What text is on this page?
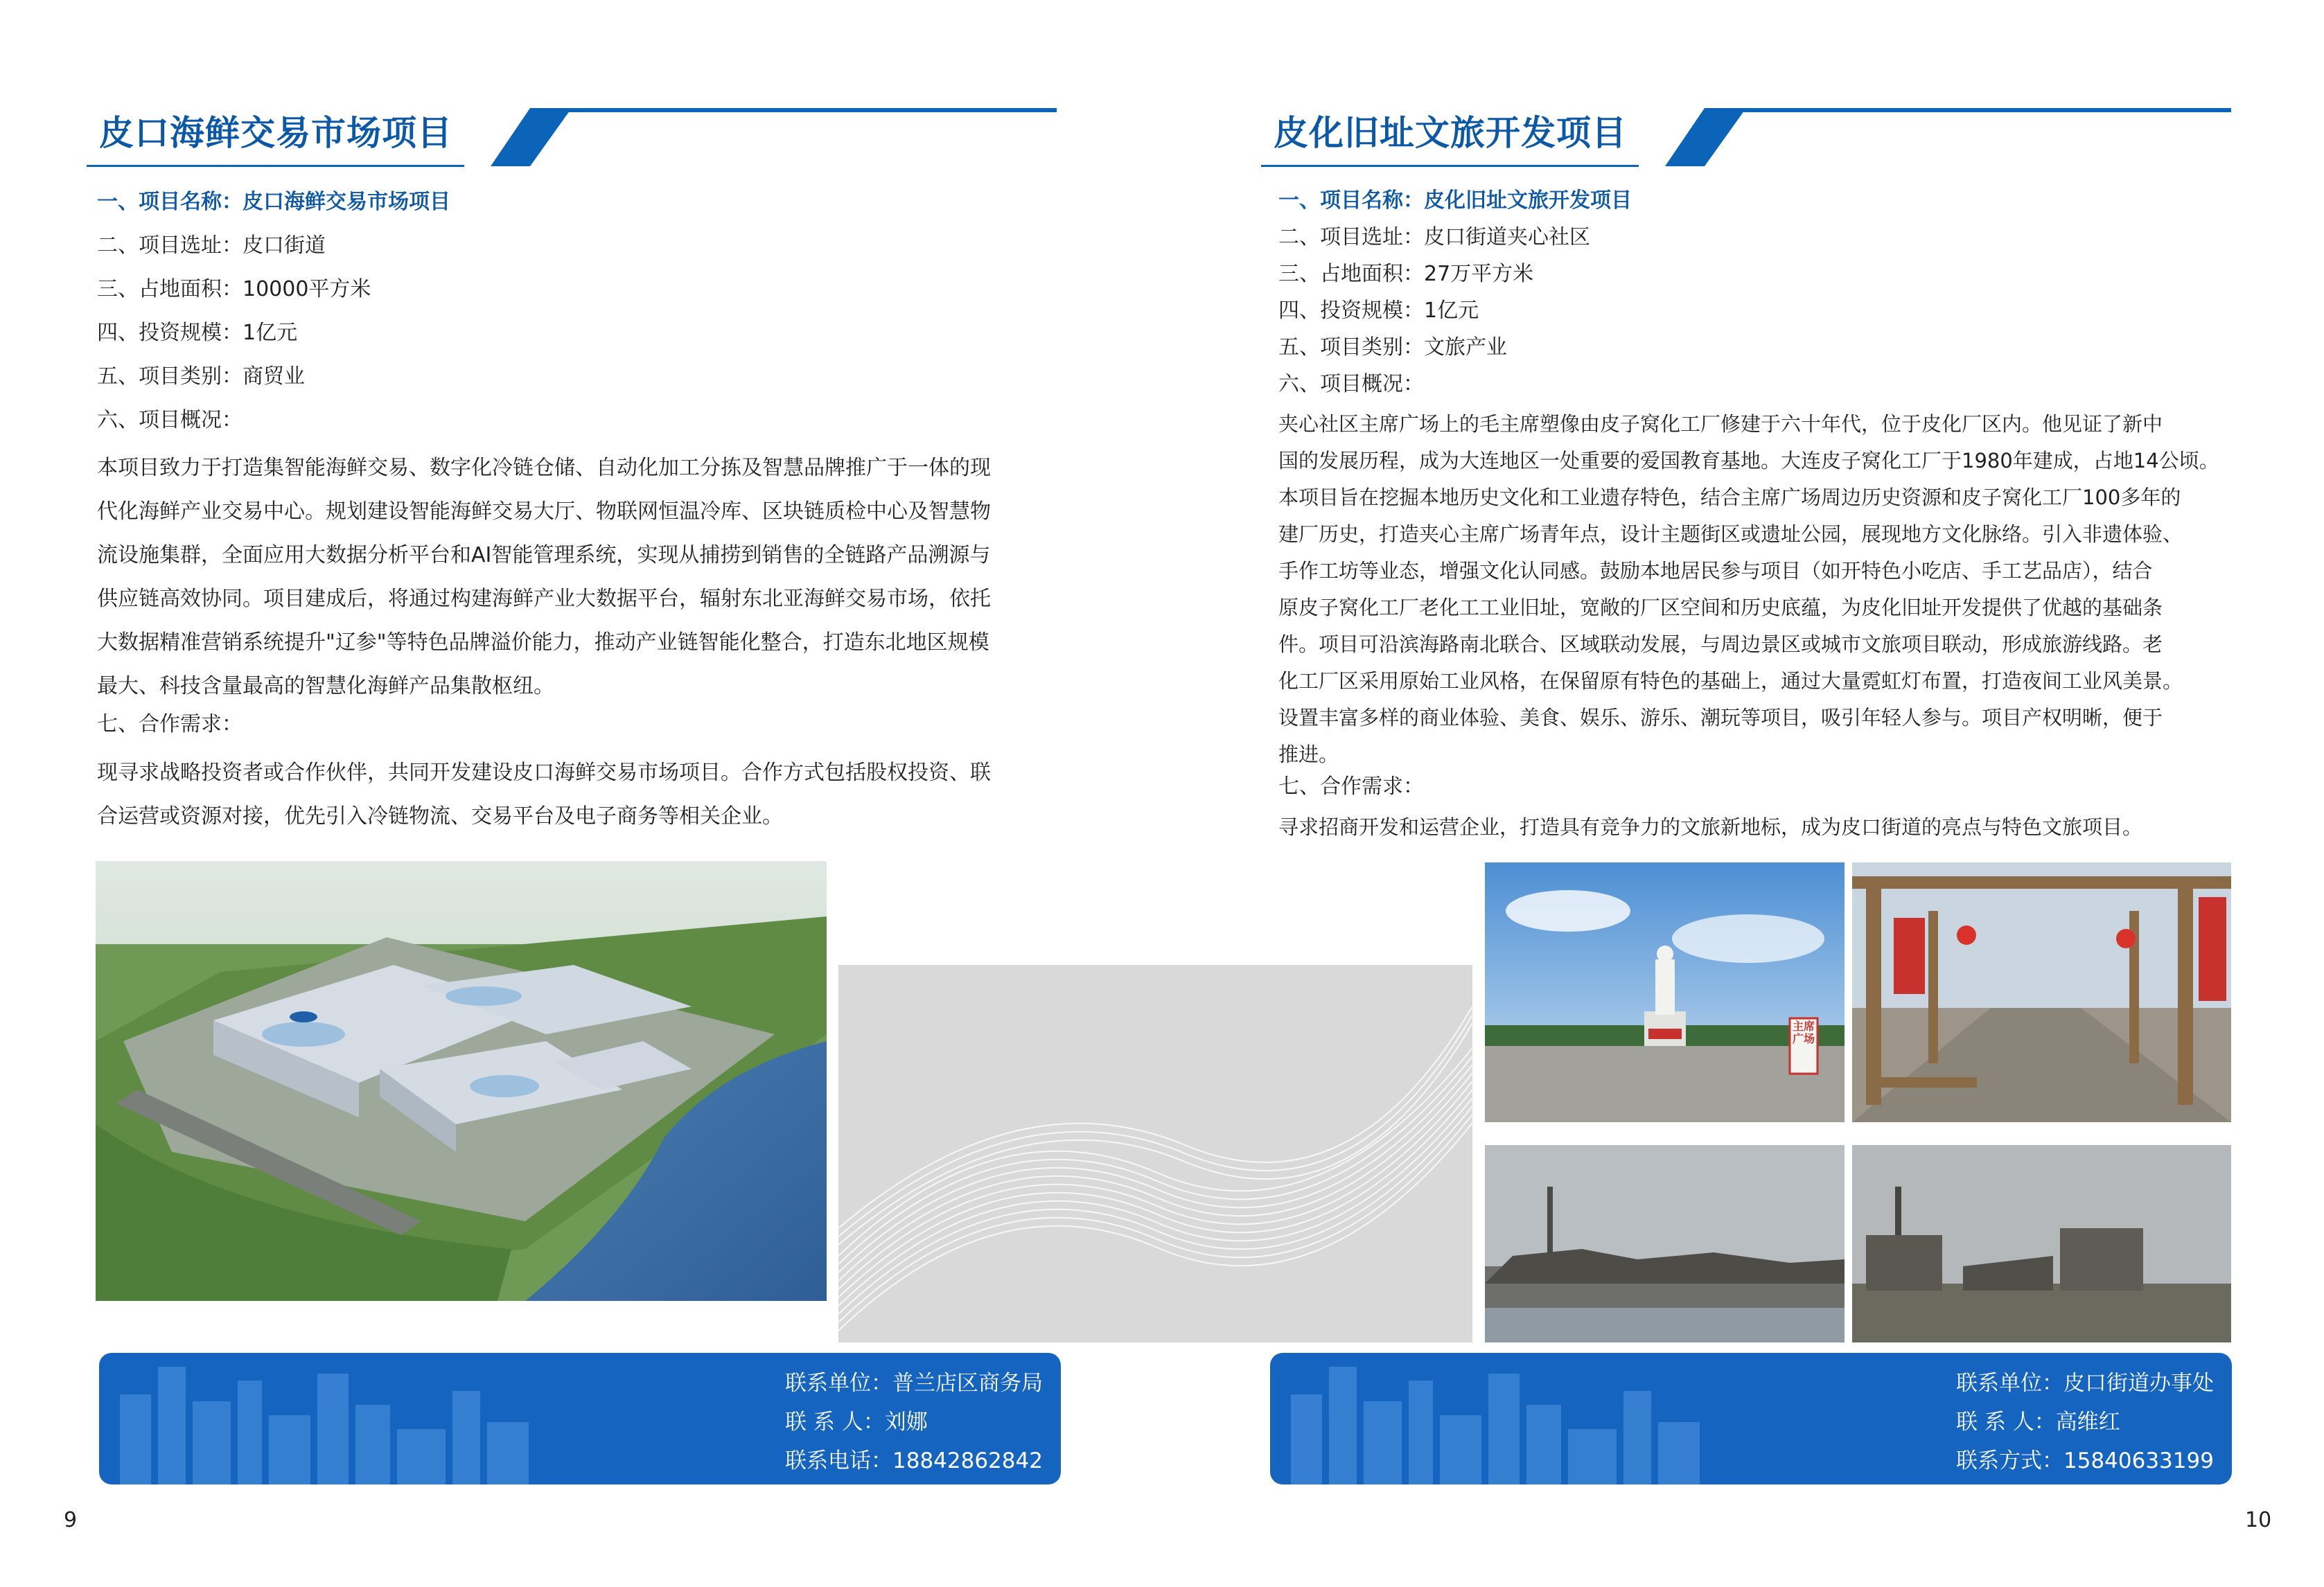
皮口海鲜交易市场项目
一、项目名称：皮口海鲜交易市场项目
二、项目选址：皮口街道
三、占地面积：10000平方米
四、投资规模：1亿元
五、项目类别：商贸业
六、项目概况：
本项目致力于打造集智能海鲜交易、数字化冷链仓储、自动化加工分拣及智慧品牌推广于一体的现
代化海鲜产业交易中心。规划建设智能海鲜交易大厅、物联网恒温冷库、区块链质检中心及智慧物
流设施集群，全面应用大数据分析平台和AI智能管理系统，实现从捕捞到销售的全链路产品溯源与
供应链高效协同。项目建成后，将通过构建海鲜产业大数据平台，辐射东北亚海鲜交易市场，依托
大数据精准营销系统提升"辽参"等特色品牌溢价能力，推动产业链智能化整合，打造东北地区规模
最大、科技含量最高的智慧化海鲜产品集散枢纽。
七、合作需求：
现寻求战略投资者或合作伙伴，共同开发建设皮口海鲜交易市场项目。合作方式包括股权投资、联
合运营或资源对接，优先引入冷链物流、交易平台及电子商务等相关企业。
联系单位：普兰店区商务局
联 系 人：刘娜
联系电话：18842862842
9
皮化旧址文旅开发项目
一、项目名称：皮化旧址文旅开发项目
二、项目选址：皮口街道夹心社区
三、占地面积：27万平方米
四、投资规模：1亿元
五、项目类别：文旅产业
六、项目概况：
夹心社区主席广场上的毛主席塑像由皮子窝化工厂修建于六十年代，位于皮化厂区内。他见证了新中
国的发展历程，成为大连地区一处重要的爱国教育基地。大连皮子窝化工厂于1980年建成，占地14公顷。
本项目旨在挖掘本地历史文化和工业遗存特色，结合主席广场周边历史资源和皮子窝化工厂100多年的
建厂历史，打造夹心主席广场青年点，设计主题街区或遗址公园，展现地方文化脉络。引入非遗体验、
手作工坊等业态，增强文化认同感。鼓励本地居民参与项目（如开特色小吃店、手工艺品店），结合
原皮子窝化工厂老化工工业旧址，宽敞的厂区空间和历史底蕴，为皮化旧址开发提供了优越的基础条
件。项目可沿滨海路南北联合、区域联动发展，与周边景区或城市文旅项目联动，形成旅游线路。老
化工厂区采用原始工业风格，在保留原有特色的基础上，通过大量霓虹灯布置，打造夜间工业风美景。
设置丰富多样的商业体验、美食、娱乐、游乐、潮玩等项目，吸引年轻人参与。项目产权明晰，便于
推进。
七、合作需求：
寻求招商开发和运营企业，打造具有竞争力的文旅新地标，成为皮口街道的亮点与特色文旅项目。
主席广场
联系单位：皮口街道办事处
联 系 人：高维红
联系方式：15840633199
10
